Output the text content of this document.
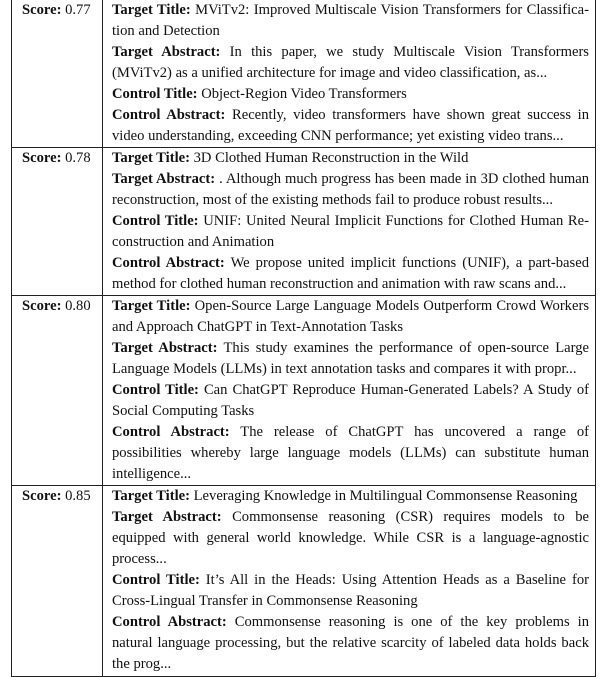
Score: 0.77	Target Title: MViTv2: Improved Multiscale Vision Transformers for Classification and Detection

Target Abstract: In this paper, we study Multiscale Vision Transformers (MViTv2) as a unified architecture for image and video classification, as...

Control Title: Object-Region Video Transformers

Control Abstract: Recently, video transformers have shown great success in video understanding, exceeding CNN performance; yet existing video trans...

Score: 0.78	Target Title: 3D Clothed Human Reconstruction in the Wild

Target Abstract: . Although much progress has been made in 3D clothed human reconstruction, most of the existing methods fail to produce robust results...

Control Title: UNIF: United Neural Implicit Functions for Clothed Human Reconstruction and Animation

Control Abstract: We propose united implicit functions (UNIF), a part-based method for clothed human reconstruction and animation with raw scans and...

Score: 0.80	Target Title: Open-Source Large Language Models Outperform Crowd Workers and Approach ChatGPT in Text-Annotation Tasks

Target Abstract: This study examines the performance of open-source Large Language Models (LLMs) in text annotation tasks and compares it with propr...

Control Title: Can ChatGPT Reproduce Human-Generated Labels? A Study of Social Computing Tasks

Control Abstract: The release of ChatGPT has uncovered a range of possibilities whereby large language models (LLMs) can substitute human intelligence...

Score: 0.85	Target Title: Leveraging Knowledge in Multilingual Commonsense Reasoning

Target Abstract: Commonsense reasoning (CSR) requires models to be equipped with general world knowledge. While CSR is a language-agnostic process...

Control Title: It’s All in the Heads: Using Attention Heads as a Baseline for Cross-Lingual Transfer in Commonsense Reasoning

Control Abstract: Commonsense reasoning is one of the key problems in natural language processing, but the relative scarcity of labeled data holds back the prog...
